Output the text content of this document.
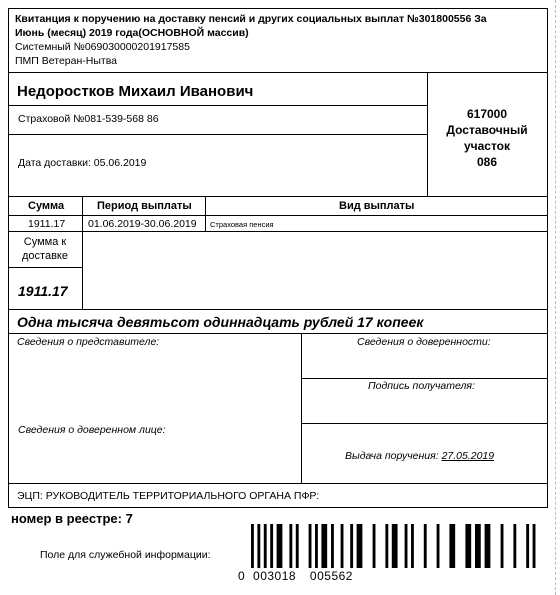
Квитанция к поручению на доставку пенсий и других социальных выплат №301800556 За
Июнь (месяц) 2019 года(ОСНОВНОЙ массив)
Системный №069030000201917585
ПМП Ветеран-Нытва
Недоростков Михаил Иванович
Страховой №081-539-568 86
Дата доставки: 05.06.2019
617000
Доставочный
участок
086
Сумма	Период выплаты	Вид выплаты
1911.17 01.06.2019-30.06.2019 Страховая пенсия
Сумма к
доставке
1911.17
Одна тысяча девятьсот одиннадцать рублей 17 копеек
Сведения о представителе:	Сведения о доверенности:
Подпись получателя:
Сведения о доверенном лице:
Выдача поручения: 27.05.2019
ЭЦП: РУКОВОДИТЕЛЬ ТЕРРИТОРИАЛЬНОГО ОРГАНА ПФР:
номер в реестре: 7
Поле для служебной информации:
0 003018 005562
